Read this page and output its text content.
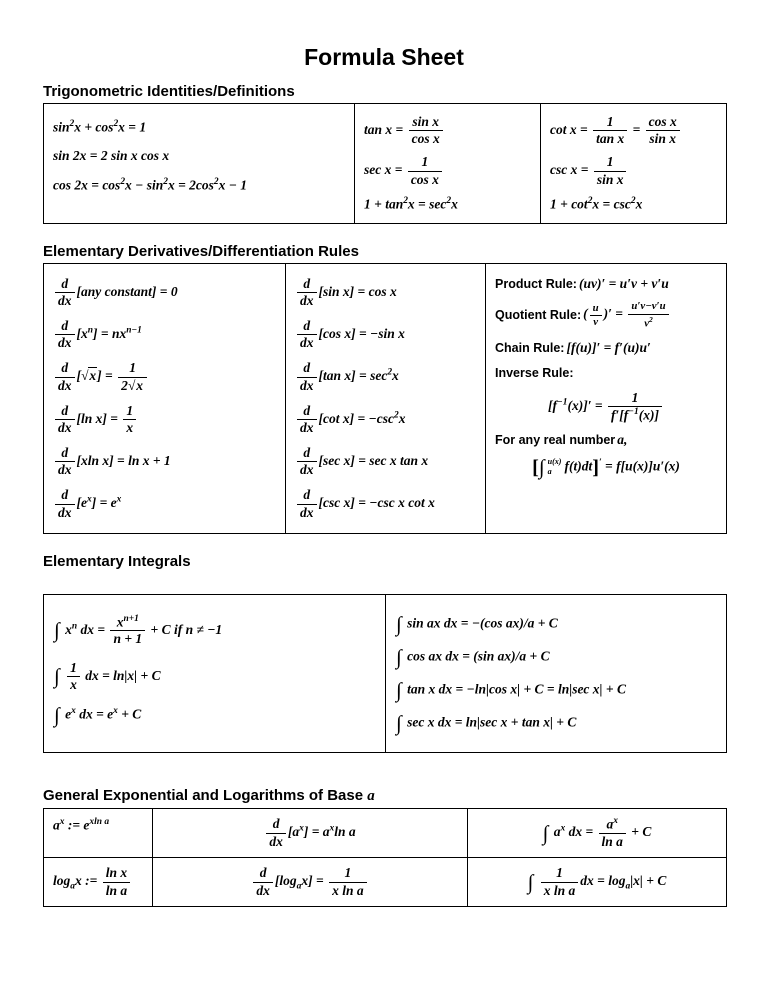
Formula Sheet
Trigonometric Identities/Definitions
$\sin^2x + \cos^2x = 1$
sin 2x = 2 sin x cos x
$\cos 2x = \cos^2x - \sin^2x = 2\cos^2x - 1$
$\tan x = \frac{\text{sin x}}{\text{cos x}}$
$\sec x = \frac{1}{\text{cos x}}$
$1 + \tan^2x = \sec^2x$
$\cot x = \frac{1}{\text{tan x}} = \frac{\text{cos x}}{\text{sin x}}$
$\csc x = \frac{1}{\text{sin x}}$
$1 + \cot^2x = \csc^2x$
Elementary Derivatives/Differentiation Rules
$\frac{d}{dx} [any$ constant] = 0
$\frac{d}{dx} [x^n] = nx^{n-1}$
$\frac{d}{dx} [√x] = \frac{1}{2√x}$
$\frac{d}{dx} [\ln$ $x] = \frac{1}{x}$
$\frac{d}{dx} [xln$ x] = ln x + 1
$\frac{d}{dx} [e^x] = e^x$
$\frac{d}{dx} [\sin$ x] = cos x
$\frac{d}{dx} [\cos$ x] = −sin x
$\frac{d}{dx} [\tan$ $x] = \sec^2x$
$\frac{d}{dx} [\cot$ $x] = -\csc^2x$
$\frac{d}{dx} [\sec$ x] = sec x tan x
$\frac{d}{dx} [\csc$ x] = −csc x cot x
Product Rule: (uv)′ = u′v + v′u
Quotient Rule: ( $\frac{u}{v}$ )′ = $\frac{u'v-v'u}{v^2}$
Chain Rule: [f(u)]′ = f′(u)u′
Inverse Rule:
$[f^{-1}(x)]' = \frac{1}{f'[f^{-1}(x)]}$
For any real number a,
[∫ u(x)
a f(t)dt]′ = f[u(x)]u′(x)
Elementary Integrals
∫ $x^n$ dx = $\frac{x^{n+1}}{n + 1} + C$ if n ≠ −1
∫ $\frac{1}{x}$ dx = ln|x| + C
∫ $e^x$ dx = $e^x + C$
∫ sin ax dx = −(cos ax)/a + C
∫ cos ax dx = (sin ax)/a + C
∫ tan x dx = −ln|cos x| + C = ln|sec x| + C
∫ sec x dx = ln|sec x + tan x| + C
General Exponential and Logarithms of Base a
$a^x$ := $e^{xln a}$	$\frac{d}{dx} [a^x] = a^x\ln$ a	∫ $a^x$ dx = $\frac{a^x}{\text{ln a}} + C$
$\log_ax$ := $\frac{\text{ln x}}{\text{ln a}}$	$\frac{d}{dx} [\log_ax] = \frac{1}{\text{x ln a}}$	∫ $\frac{1}{\text{x ln a}}$ dx = $\log_a|x| + C$
